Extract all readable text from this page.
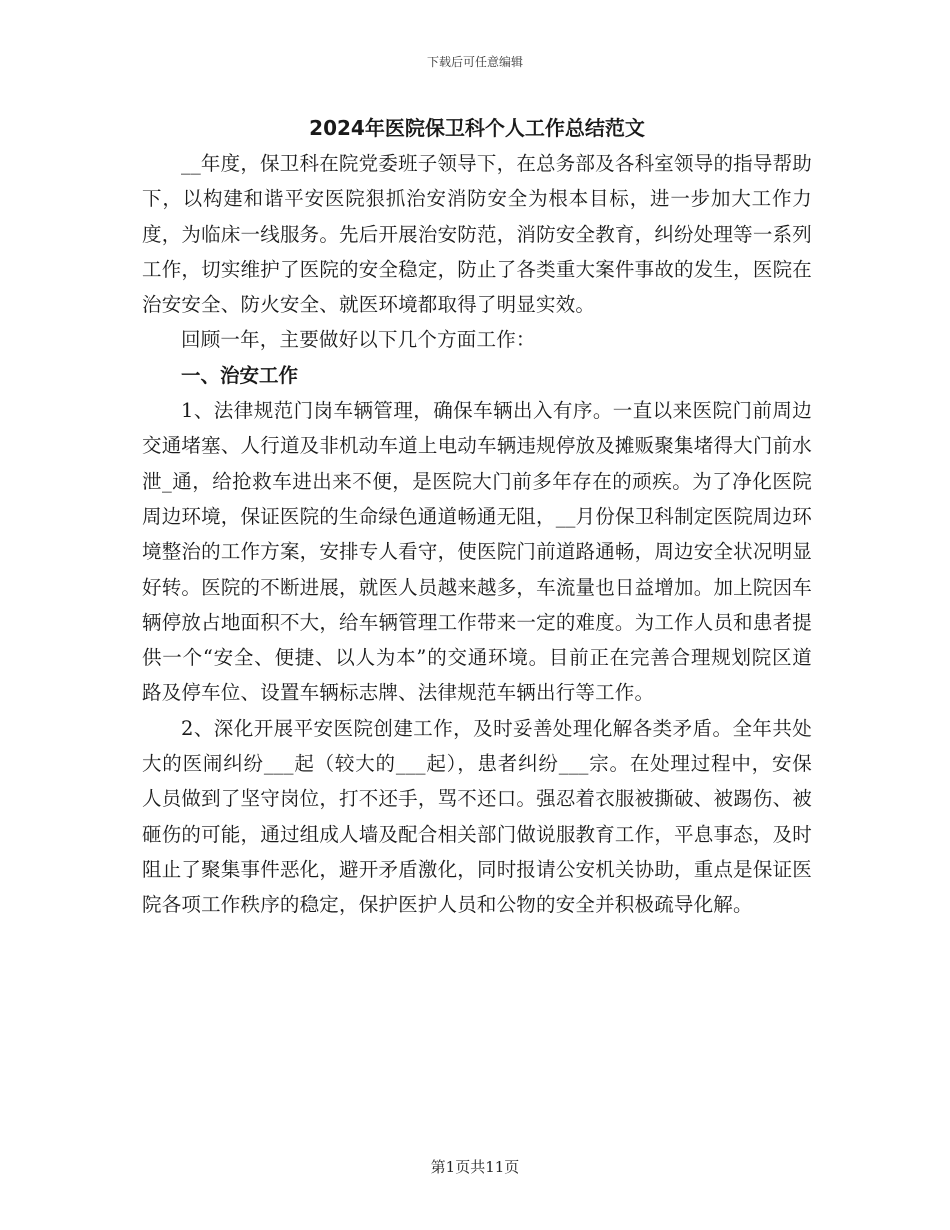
下载后可任意编辑
2024年医院保卫科个人工作总结范文

__年度，保卫科在院党委班子领导下，在总务部及各科室领导的指导帮助下，以构建和谐平安医院狠抓治安消防安全为根本目标，进一步加大工作力度，为临床一线服务。先后开展治安防范，消防安全教育，纠纷处理等一系列工作，切实维护了医院的安全稳定，防止了各类重大案件事故的发生，医院在治安安全、防火安全、就医环境都取得了明显实效。

回顾一年，主要做好以下几个方面工作：

一、治安工作

1、法律规范门岗车辆管理，确保车辆出入有序。一直以来医院门前周边交通堵塞、人行道及非机动车道上电动车辆违规停放及摊贩聚集堵得大门前水泄_通，给抢救车进出来不便，是医院大门前多年存在的顽疾。为了净化医院周边环境，保证医院的生命绿色通道畅通无阻，__月份保卫科制定医院周边环境整治的工作方案，安排专人看守，使医院门前道路通畅，周边安全状况明显好转。医院的不断进展，就医人员越来越多，车流量也日益增加。加上院因车辆停放占地面积不大，给车辆管理工作带来一定的难度。为工作人员和患者提供一个“安全、便捷、以人为本”的交通环境。目前正在完善合理规划院区道路及停车位、设置车辆标志牌、法律规范车辆出行等工作。

2、深化开展平安医院创建工作，及时妥善处理化解各类矛盾。全年共处大的医闹纠纷___起（较大的___起），患者纠纷___宗。在处理过程中，安保人员做到了坚守岗位，打不还手，骂不还口。强忍着衣服被撕破、被踢伤、被砸伤的可能，通过组成人墙及配合相关部门做说服教育工作，平息事态，及时阻止了聚集事件恶化，避开矛盾激化，同时报请公安机关协助，重点是保证医院各项工作秩序的稳定，保护医护人员和公物的安全并积极疏导化解。

第1页共11页
